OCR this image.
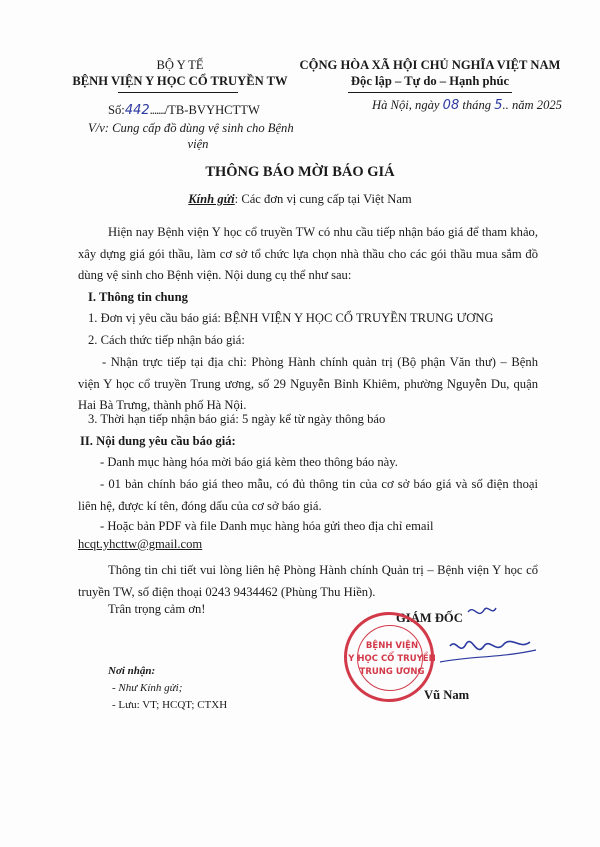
BỘ Y TẾ
BỆNH VIỆN Y HỌC CỔ TRUYỀN TW
Số:442......./TB-BVYHCTTW
V/v: Cung cấp đồ dùng vệ sinh cho Bệnh
viện
CỘNG HÒA XÃ HỘI CHỦ NGHĨA VIỆT NAM
Độc lập – Tự do – Hạnh phúc
Hà Nội, ngày 08 tháng 5.. năm 2025
THÔNG BÁO MỜI BÁO GIÁ
Kính gửi: Các đơn vị cung cấp tại Việt Nam
Hiện nay Bệnh viện Y học cổ truyền TW có nhu cầu tiếp nhận báo giá để tham khảo, xây dựng giá gói thầu, làm cơ sở tổ chức lựa chọn nhà thầu cho các gói thầu mua sắm đồ dùng vệ sinh cho Bệnh viện. Nội dung cụ thể như sau:
I. Thông tin chung
1. Đơn vị yêu cầu báo giá: BỆNH VIỆN Y HỌC CỔ TRUYỀN TRUNG ƯƠNG
2. Cách thức tiếp nhận báo giá:
- Nhận trực tiếp tại địa chỉ: Phòng Hành chính quản trị (Bộ phận Văn thư) – Bệnh viện Y học cổ truyền Trung ương, số 29 Nguyễn Bỉnh Khiêm, phường Nguyễn Du, quận Hai Bà Trưng, thành phố Hà Nội.
3. Thời hạn tiếp nhận báo giá: 5 ngày kể từ ngày thông báo
II. Nội dung yêu cầu báo giá:
- Danh mục hàng hóa mời báo giá kèm theo thông báo này.
- 01 bản chính báo giá theo mẫu, có đủ thông tin của cơ sở báo giá và số điện thoại liên hệ, được kí tên, đóng dấu của cơ sở báo giá.
- Hoặc bản PDF và file Danh mục hàng hóa gửi theo địa chỉ email
hcqt.yhcttw@gmail.com
Thông tin chi tiết vui lòng liên hệ Phòng Hành chính Quản trị – Bệnh viện Y học cổ truyền TW, số điện thoại 0243 9434462 (Phùng Thu Hiền).
Trân trọng cảm ơn!
GIÁM ĐỐC
BỆNH VIỆN
Y HỌC CỔ TRUYỀN
TRUNG ƯƠNG
Vũ Nam
Nơi nhận:
- Như Kính gửi;
- Lưu: VT; HCQT; CTXH
